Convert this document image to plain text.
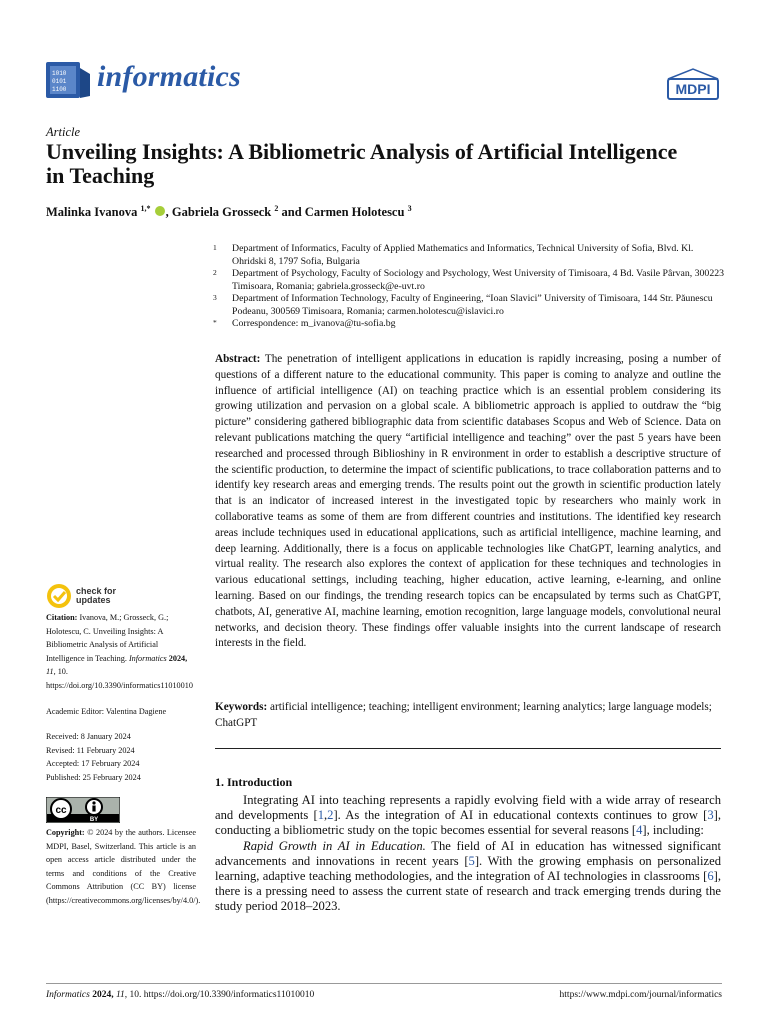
1010
0101
1100 informatics	MDPI
Article
Unveiling Insights: A Bibliometric Analysis of Artificial Intelligence in Teaching
Malinka Ivanova $^{1,*}$ , Gabriela Grosseck $^2$ and Carmen Holotescu $^3$
1 Department of Informatics, Faculty of Applied Mathematics and Informatics, Technical University of Sofia, Blvd. Kl. Ohridski 8, 1797 Sofia, Bulgaria
2 Department of Psychology, Faculty of Sociology and Psychology, West University of Timisoara, 4 Bd. Vasile Pârvan, 300223 Timisoara, Romania; gabriela.grosseck@e-uvt.ro
3 Department of Information Technology, Faculty of Engineering, “Ioan Slavici” University of Timisoara, 144 Str. Păunescu Podeanu, 300569 Timisoara, Romania; carmen.holotescu@islavici.ro
* Correspondence: m_ivanova@tu-sofia.bg
Abstract: The penetration of intelligent applications in education is rapidly increasing, posing a number of questions of a different nature to the educational community. This paper is coming to analyze and outline the influence of artificial intelligence (AI) on teaching practice which is an essential problem considering its growing utilization and pervasion on a global scale. A bibliometric approach is applied to outdraw the “big picture” considering gathered bibliographic data from scientific databases Scopus and Web of Science. Data on relevant publications matching the query “artificial intelligence and teaching” over the past 5 years have been researched and processed through Biblioshiny in R environment in order to establish a descriptive structure of the scientific production, to determine the impact of scientific publications, to trace collaboration patterns and to identify key research areas and emerging trends. The results point out the growth in scientific production lately that is an indicator of increased interest in the investigated topic by researchers who mainly work in collaborative teams as some of them are from different countries and institutions. The identified key research areas include techniques used in educational applications, such as artificial intelligence, machine learning, and deep learning. Additionally, there is a focus on applicable technologies like ChatGPT, learning analytics, and virtual reality. The research also explores the context of application for these techniques and technologies in various educational settings, including teaching, higher education, active learning, e-learning, and online learning. Based on our findings, the trending research topics can be encapsulated by terms such as ChatGPT, chatbots, AI, generative AI, machine learning, emotion recognition, large language models, convolutional neural networks, and decision theory. These findings offer valuable insights into the current landscape of research interests in the field.
Keywords: artificial intelligence; teaching; intelligent environment; learning analytics; large language models; ChatGPT
1. Introduction

Integrating AI into teaching represents a rapidly evolving field with a wide array of research and developments [1,2]. As the integration of AI in educational contexts continues to grow [3], conducting a bibliometric study on the topic becomes essential for several reasons [4], including:

Rapid Growth in AI in Education. The field of AI in education has witnessed significant advancements and innovations in recent years [5]. With the growing emphasis on personalized learning, adaptive teaching methodologies, and the integration of AI technologies in classrooms [6], there is a pressing need to assess the current state of research and track emerging trends during the study period 2018–2023.

check for
updates
Citation: Ivanova, M.; Grosseck, G.; Holotescu, C. Unveiling Insights: A Bibliometric Analysis of Artificial Intelligence in Teaching. Informatics 2024, 11, 10. https://doi.org/10.3390/informatics11010010
Academic Editor: Valentina Dagiene
Received: 8 January 2024
Revised: 11 February 2024
Accepted: 17 February 2024
Published: 25 February 2024
cc
BY
Copyright: © 2024 by the authors. Licensee MDPI, Basel, Switzerland. This article is an open access article distributed under the terms and conditions of the Creative Commons Attribution (CC BY) license (https://creativecommons.org/licenses/by/4.0/).
Informatics 2024, 11, 10. https://doi.org/10.3390/informatics11010010	https://www.mdpi.com/journal/informatics
